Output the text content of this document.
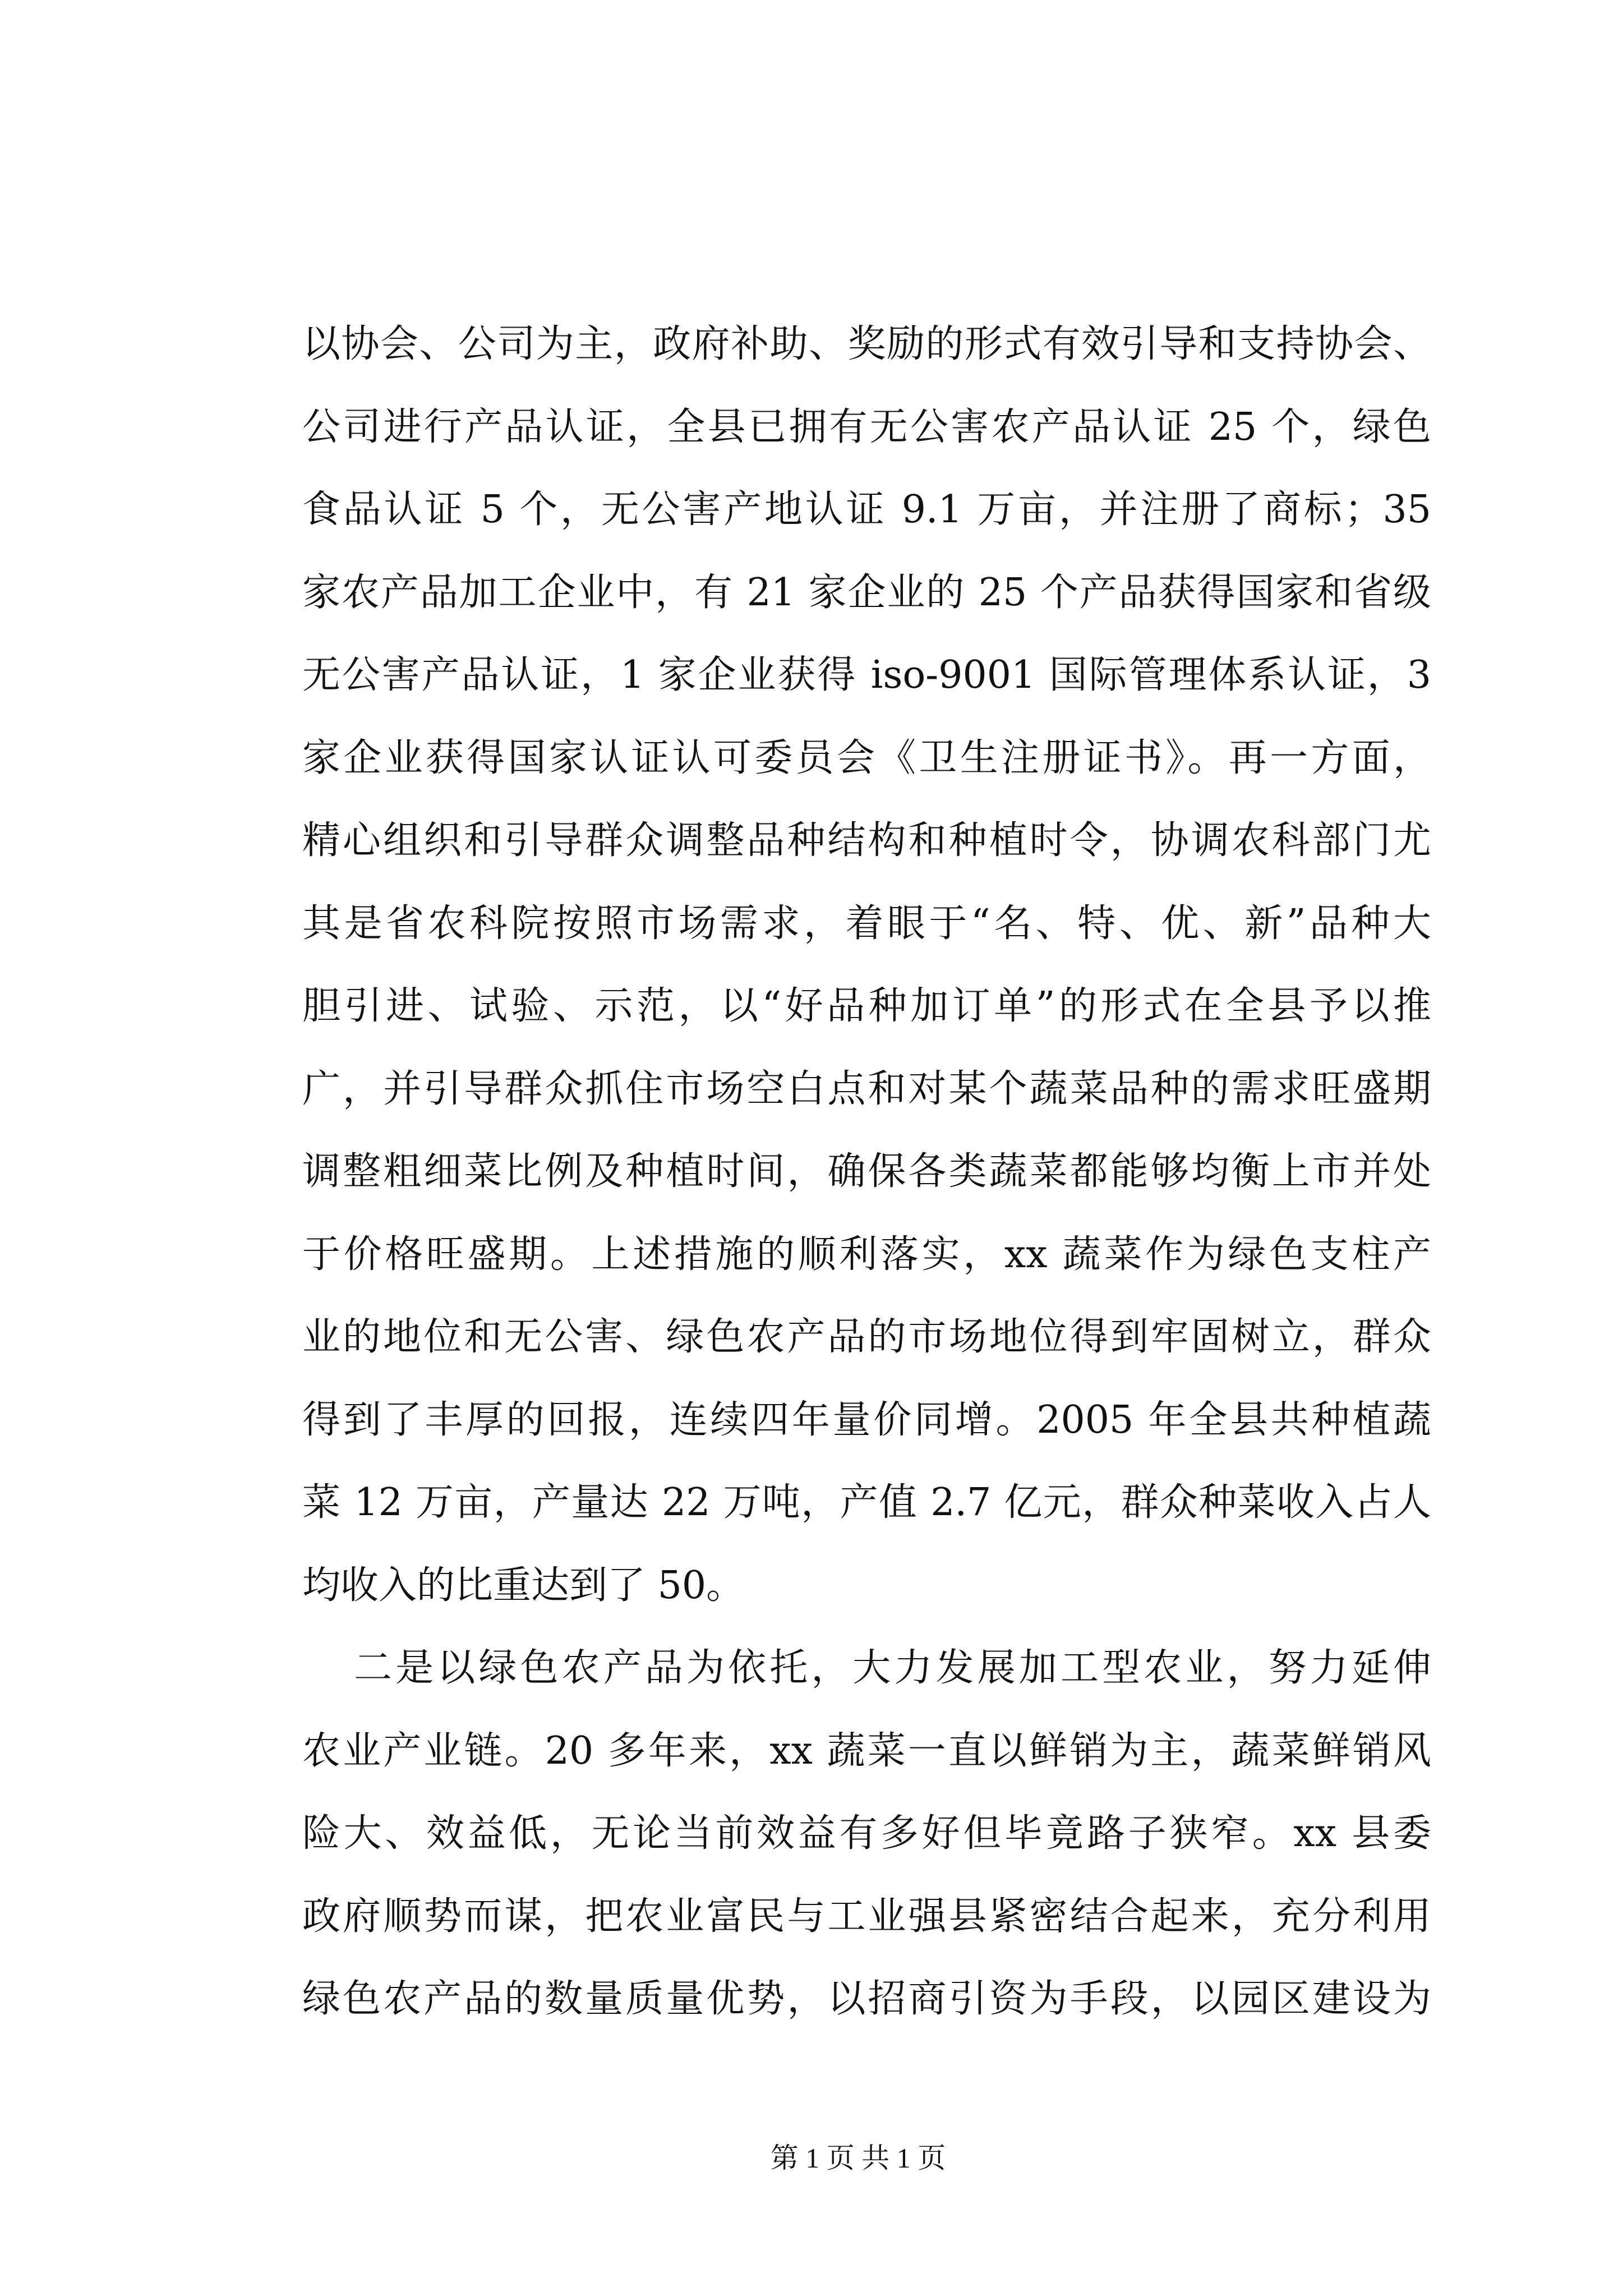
以协会、公司为主，政府补助、奖励的形式有效引导和支持协会、
公司进行产品认证，全县已拥有无公害农产品认证 25 个，绿色
食品认证 5 个，无公害产地认证 9.1 万亩，并注册了商标；35
家农产品加工企业中，有 21 家企业的 25 个产品获得国家和省级
无公害产品认证，1 家企业获得 iso-9001 国际管理体系认证，3
家企业获得国家认证认可委员会《卫生注册证书》。再一方面，
精心组织和引导群众调整品种结构和种植时令，协调农科部门尤
其是省农科院按照市场需求，着眼于“名、特、优、新”品种大
胆引进、试验、示范，以“好品种加订单”的形式在全县予以推
广，并引导群众抓住市场空白点和对某个蔬菜品种的需求旺盛期
调整粗细菜比例及种植时间，确保各类蔬菜都能够均衡上市并处
于价格旺盛期。上述措施的顺利落实，xx 蔬菜作为绿色支柱产
业的地位和无公害、绿色农产品的市场地位得到牢固树立，群众
得到了丰厚的回报，连续四年量价同增。2005 年全县共种植蔬
菜 12 万亩，产量达 22 万吨，产值 2.7 亿元，群众种菜收入占人
均收入的比重达到了 50。
二是以绿色农产品为依托，大力发展加工型农业，努力延伸
农业产业链。20 多年来，xx 蔬菜一直以鲜销为主，蔬菜鲜销风
险大、效益低，无论当前效益有多好但毕竟路子狭窄。xx 县委
政府顺势而谋，把农业富民与工业强县紧密结合起来，充分利用
绿色农产品的数量质量优势，以招商引资为手段，以园区建设为
第 1 页 共 1 页
